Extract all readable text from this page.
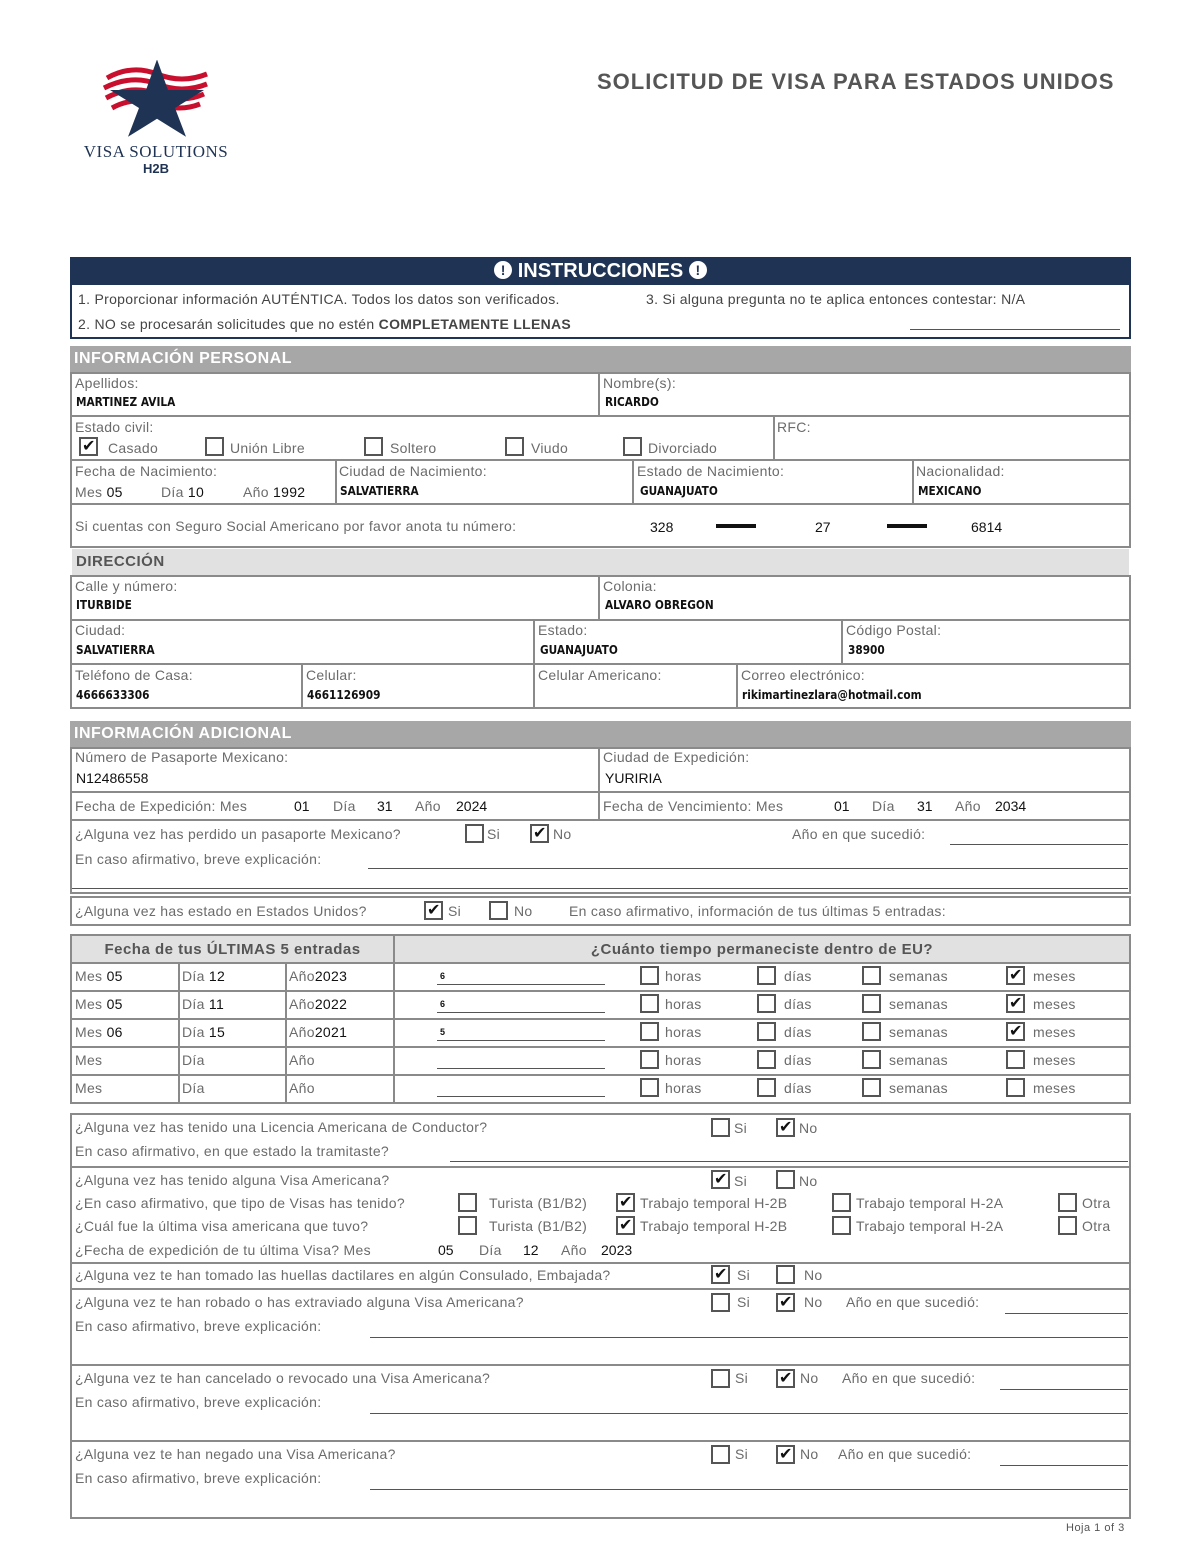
VISA SOLUTIONS
H2B
SOLICITUD DE VISA PARA ESTADOS UNIDOS
! INSTRUCCIONES !
1. Proporcionar información AUTÉNTICA. Todos los datos son verificados.	3. Si alguna pregunta no te aplica entonces contestar: N/A
2. NO se procesarán solicitudes que no estén COMPLETAMENTE LLENAS
INFORMACIÓN PERSONAL
Apellidos:
MARTINEZ AVILA
Nombre(s):
RICARDO
Estado civil:
✔
Casado	Unión Libre	Soltero	Viudo	Divorciado
RFC:
Fecha de Nacimiento:
Mes 05	Día 10	Año 1992
Ciudad de Nacimiento:
SALVATIERRA
Estado de Nacimiento:
GUANAJUATO
Nacionalidad:
MEXICANO
Si cuentas con Seguro Social Americano por favor anota tu número:	328	27	6814
DIRECCIÓN
Calle y número:
ITURBIDE
Colonia:
ALVARO OBREGON
Ciudad:
SALVATIERRA
Estado:
GUANAJUATO
Código Postal:
38900
Teléfono de Casa:
4666633306
Celular:
4661126909
Celular Americano:	Correo electrónico:
rikimartinezlara@hotmail.com
INFORMACIÓN ADICIONAL
Número de Pasaporte Mexicano:
N12486558
Ciudad de Expedición:
YURIRIA
Fecha de Expedición: Mes	01 Día 31 Año 2024	Fecha de Vencimiento: Mes	01 Día 31 Año 2034
¿Alguna vez has perdido un pasaporte Mexicano?	Si ✔	No	Año en que sucedió:
En caso afirmativo, breve explicación:
¿Alguna vez has estado en Estados Unidos? ✔	Si	No	En caso afirmativo, información de tus últimas 5 entradas:
Fecha de tus ÚLTIMAS 5 entradas	¿Cuánto tiempo permaneciste dentro de EU?
Mes 05	Día 12	Año2023	6	horas	días	semanas ✔	meses
Mes 05	Día 11	Año2022	6	horas	días	semanas ✔	meses
Mes 06	Día 15	Año2021	5	horas	días	semanas ✔	meses
Mes	Día	Año	horas	días	semanas	meses
Mes	Día	Año	horas	días	semanas	meses
¿Alguna vez has tenido una Licencia Americana de Conductor?	Si ✔	No
En caso afirmativo, en que estado la tramitaste?
¿Alguna vez has tenido alguna Visa Americana? ✔	Si	No
¿En caso afirmativo, que tipo de Visas has tenido?	Turista (B1/B2) ✔	Trabajo temporal H-2B	Trabajo temporal H-2A	Otra
¿Cuál fue la última visa americana que tuvo?	Turista (B1/B2) ✔	Trabajo temporal H-2B	Trabajo temporal H-2A	Otra
¿Fecha de expedición de tu última Visa? Mes	05 Día 12 Año 2023
¿Alguna vez te han tomado las huellas dactilares en algún Consulado, Embajada? ✔	Si	No
¿Alguna vez te han robado o has extraviado alguna Visa Americana?	Si ✔	No Año en que sucedió:
En caso afirmativo, breve explicación:
¿Alguna vez te han cancelado o revocado una Visa Americana?	Si ✔	No Año en que sucedió:
En caso afirmativo, breve explicación:
¿Alguna vez te han negado una Visa Americana?	Si ✔	No Año en que sucedió:
En caso afirmativo, breve explicación:
Hoja 1 of 3
